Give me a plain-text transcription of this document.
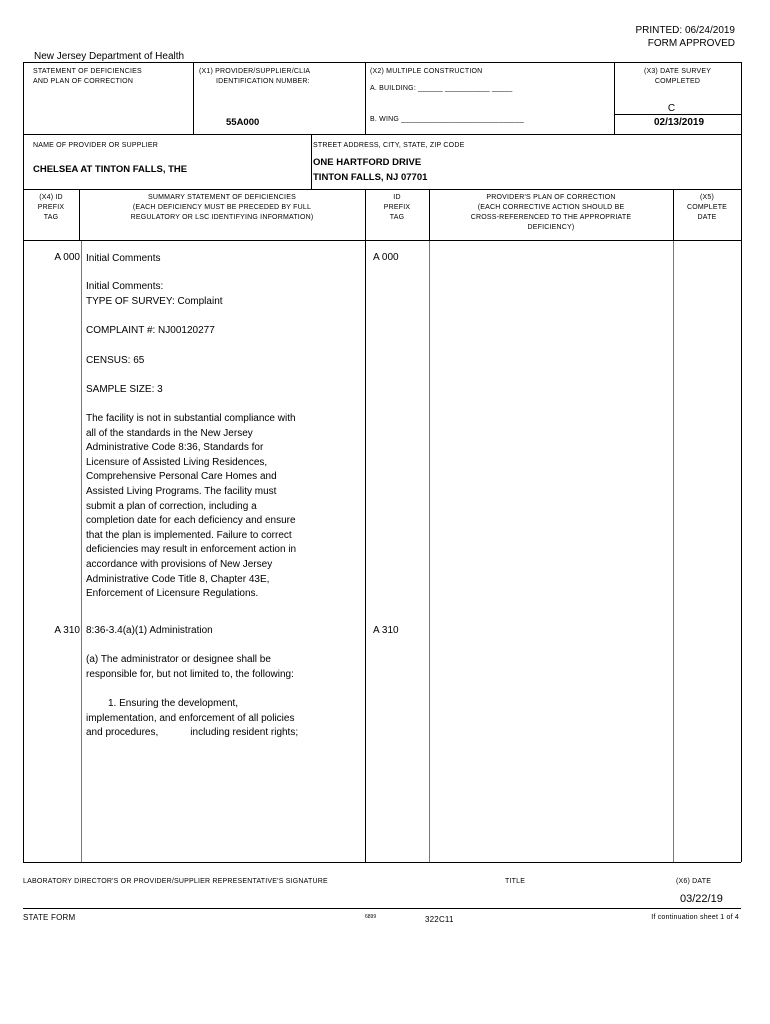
PRINTED: 06/24/2019
FORM APPROVED
New Jersey Department of Health
STATEMENT OF DEFICIENCIES
AND PLAN OF CORRECTION
(X1) PROVIDER/SUPPLIER/CLIA
IDENTIFICATION NUMBER:
55A000
(X2) MULTIPLE CONSTRUCTION
A. BUILDING: ______ ___________ _____
B. WING ______________________________
(X3) DATE SURVEY
COMPLETED
C
02/13/2019
NAME OF PROVIDER OR SUPPLIER
CHELSEA AT TINTON FALLS, THE
STREET ADDRESS, CITY, STATE, ZIP CODE
ONE HARTFORD DRIVE
TINTON FALLS, NJ 07701
(X4) ID
PREFIX
TAG
SUMMARY STATEMENT OF DEFICIENCIES
(EACH DEFICIENCY MUST BE PRECEDED BY FULL
REGULATORY OR LSC IDENTIFYING INFORMATION)
ID
PREFIX
TAG
PROVIDER'S PLAN OF CORRECTION
(EACH CORRECTIVE ACTION SHOULD BE
CROSS-REFERENCED TO THE APPROPRIATE
DEFICIENCY)
(X5)
COMPLETE
DATE
A 000 Initial Comments	A 000
Initial Comments:
TYPE OF SURVEY: Complaint
COMPLAINT #: NJ00120277
CENSUS: 65
SAMPLE SIZE: 3
The facility is not in substantial compliance with
all of the standards in the New Jersey
Administrative Code 8:36, Standards for
Licensure of Assisted Living Residences,
Comprehensive Personal Care Homes and
Assisted Living Programs. The facility must
submit a plan of correction, including a
completion date for each deficiency and ensure
that the plan is implemented. Failure to correct
deficiencies may result in enforcement action in
accordance with provisions of New Jersey
Administrative Code Title 8, Chapter 43E,
Enforcement of Licensure Regulations.
A 310 8:36-3.4(a)(1) Administration	A 310
(a) The administrator or designee shall be
responsible for, but not limited to, the following:
1. Ensuring the development,
implementation, and enforcement of all policies
and procedures,	including resident rights;
LABORATORY DIRECTOR'S OR PROVIDER/SUPPLIER REPRESENTATIVE'S SIGNATURE	TITLE	(X6) DATE
03/22/19
STATE FORM	6899	322C11	If continuation sheet 1 of 4
